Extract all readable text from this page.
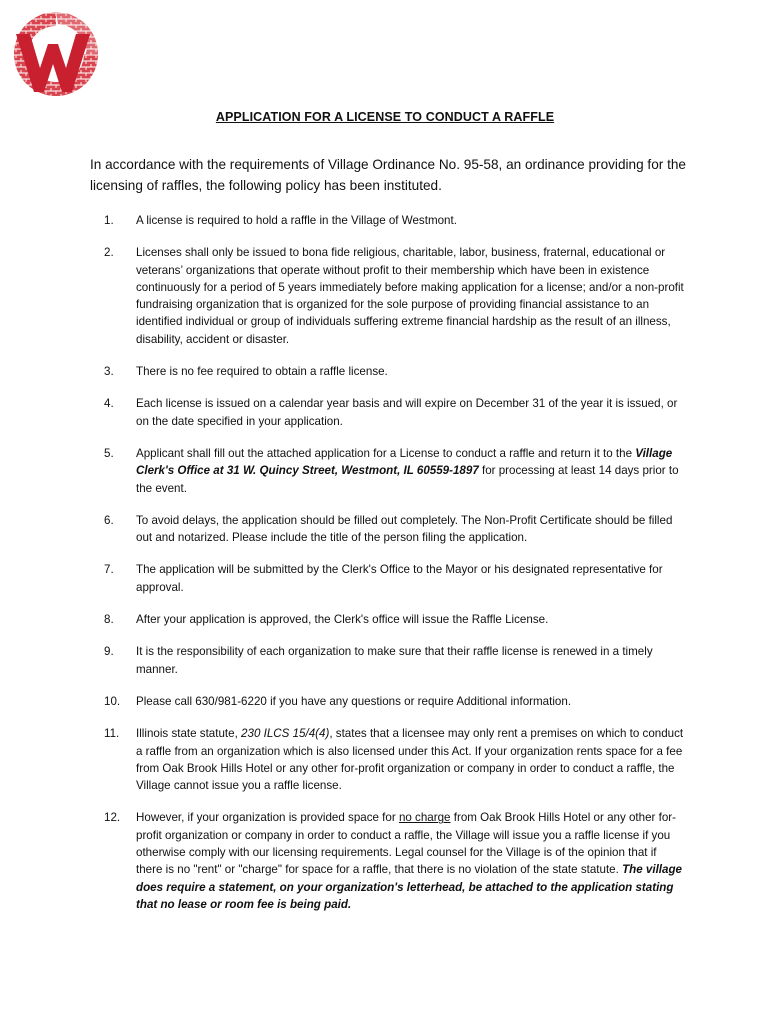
APPLICATION FOR A LICENSE TO CONDUCT A RAFFLE
In accordance with the requirements of Village Ordinance No. 95-58, an ordinance providing for the licensing of raffles, the following policy has been instituted.
1.	A license is required to hold a raffle in the Village of Westmont.
2.	Licenses shall only be issued to bona fide religious, charitable, labor, business, fraternal, educational or veterans’ organizations that operate without profit to their membership which have been in existence continuously for a period of 5 years immediately before making application for a license; and/or a non-profit fundraising organization that is organized for the sole purpose of providing financial assistance to an identified individual or group of individuals suffering extreme financial hardship as the result of an illness, disability, accident or disaster.
3.	There is no fee required to obtain a raffle license.
4.	Each license is issued on a calendar year basis and will expire on December 31 of the year it is issued, or on the date specified in your application.
5.	Applicant shall fill out the attached application for a License to conduct a raffle and return it to the Village Clerk's Office at 31 W. Quincy Street, Westmont, IL 60559-1897 for processing at least 14 days prior to the event.
6.	To avoid delays, the application should be filled out completely. The Non-Profit Certificate should be filled out and notarized. Please include the title of the person filing the application.
7.	The application will be submitted by the Clerk's Office to the Mayor or his designated representative for approval.
8.	After your application is approved, the Clerk's office will issue the Raffle License.
9.	It is the responsibility of each organization to make sure that their raffle license is renewed in a timely manner.
10.	Please call 630/981-6220 if you have any questions or require Additional information.
11.	Illinois state statute, 230 ILCS 15/4(4), states that a licensee may only rent a premises on which to conduct a raffle from an organization which is also licensed under this Act. If your organization rents space for a fee from Oak Brook Hills Hotel or any other for-profit organization or company in order to conduct a raffle, the Village cannot issue you a raffle license.
12.	However, if your organization is provided space for no charge from Oak Brook Hills Hotel or any other for-profit organization or company in order to conduct a raffle, the Village will issue you a raffle license if you otherwise comply with our licensing requirements. Legal counsel for the Village is of the opinion that if there is no "rent" or "charge" for space for a raffle, that there is no violation of the state statute. The village does require a statement, on your organization's letterhead, be attached to the application stating that no lease or room fee is being paid.
